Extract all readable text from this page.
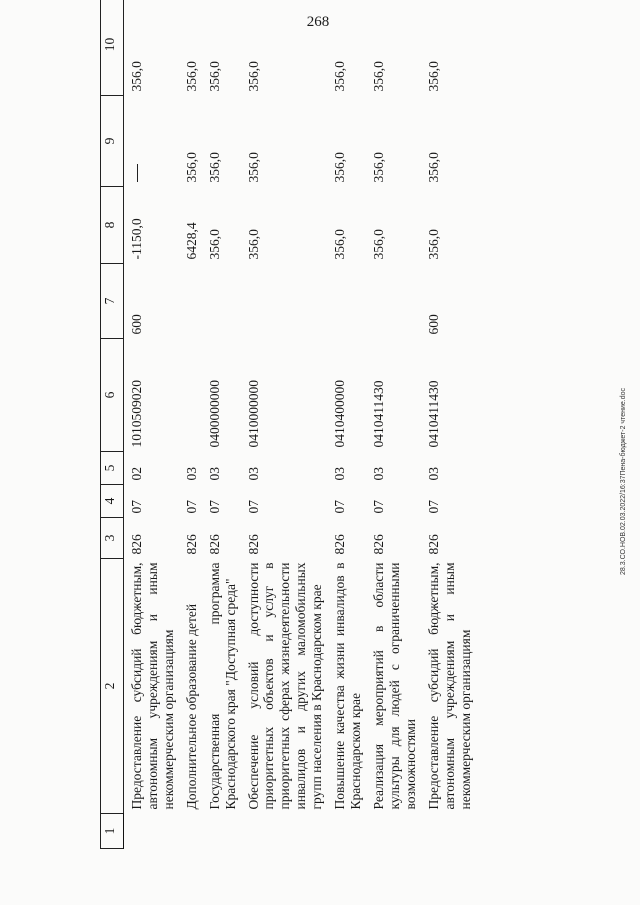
268
1	2	3	4	5	6	7	8	9	10
	Предоставление субсидий бюджетным, автономным учреждениям и иным некоммерческим организациям	826	07	02	1010509020	600	-1150,0		356,0
	Дополнительное образование детей	826	07	03			6428,4	356,0	356,0
	Государственная программа Краснодарского края "Доступная среда"	826	07	03	0400000000		356,0	356,0	356,0
	Обеспечение условий доступности приоритетных объектов и услуг в приоритетных сферах жизнедеятельности инвалидов и других маломобильных групп населения в Краснодарском крае	826	07	03	0410000000		356,0	356,0	356,0
	Повышение качества жизни инвалидов в Краснодарском крае	826	07	03	0410400000		356,0	356,0	356,0
	Реализация мероприятий в области культуры для людей с ограниченными возможностями	826	07	03	0410411430		356,0	356,0	356,0
	Предоставление субсидий бюджетным, автономным учреждениям и иным некоммерческим организациям	826	07	03	0410411430	600	356,0	356,0	356,0
28.3.СО.НОВ.02.03.2022/16:37Пена-бюджет-2 чтение.doc
